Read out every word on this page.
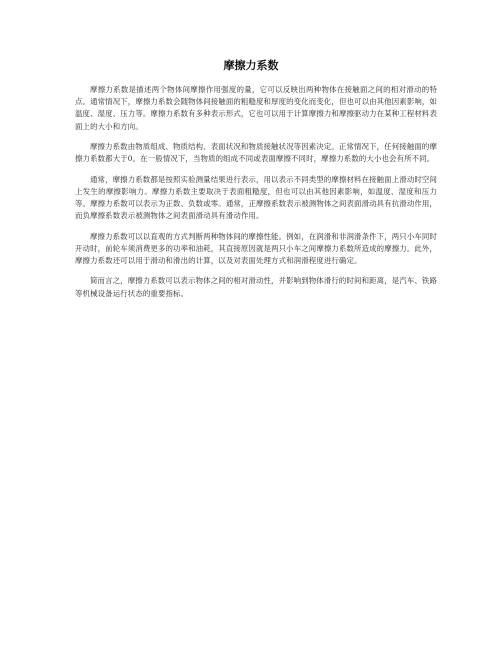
摩擦力系数

摩擦力系数是描述两个物体间摩擦作用强度的量，它可以反映出两种物体在接触面之间的相对滑动的特点。通常情况下，摩擦力系数会随物体间接触面的粗糙度和厚度的变化而变化，但也可以由其他因素影响，如温度、湿度、压力等。摩擦力系数有多种表示形式，它也可以用于计算摩擦力和摩擦驱动力在某种工程材料表面上的大小和方向。

摩擦力系数由物质组成、物质结构、表面状况和物质接触状况等因素决定。正常情况下，任何接触面的摩擦力系数都大于0。在一般情况下，当物质的组成不同或表面摩擦不同时，摩擦力系数的大小也会有所不同。

通常，摩擦力系数都是按照实验测量结果进行表示，用以表示不同类型的摩擦材料在接触面上滑动时空间上发生的摩擦影响力。摩擦力系数主要取决于表面粗糙度，但也可以由其他因素影响，如温度、湿度和压力等。摩擦力系数可以表示为正数、负数或零。通常，正摩擦系数表示被测物体之间表面滑动具有抗滑动作用，而负摩擦系数表示被测物体之间表面滑动具有滑动作用。

摩擦力系数可以以直观的方式判断两种物体间的摩擦性能。例如，在润滑和非润滑条件下，两只小车同时开动时，前轮车须消费更多的功率和油耗，其直接原因就是两只小车之间摩擦力系数所造成的摩擦力。此外，摩擦力系数还可以用于滑动和滑出的计算，以及对表面处理方式和润滑程度进行确定。

简而言之，摩擦力系数可以表示物体之间的相对滑动性，并影响到物体滑行的时间和距离，是汽车、铁路等机械设备运行状态的重要指标。
